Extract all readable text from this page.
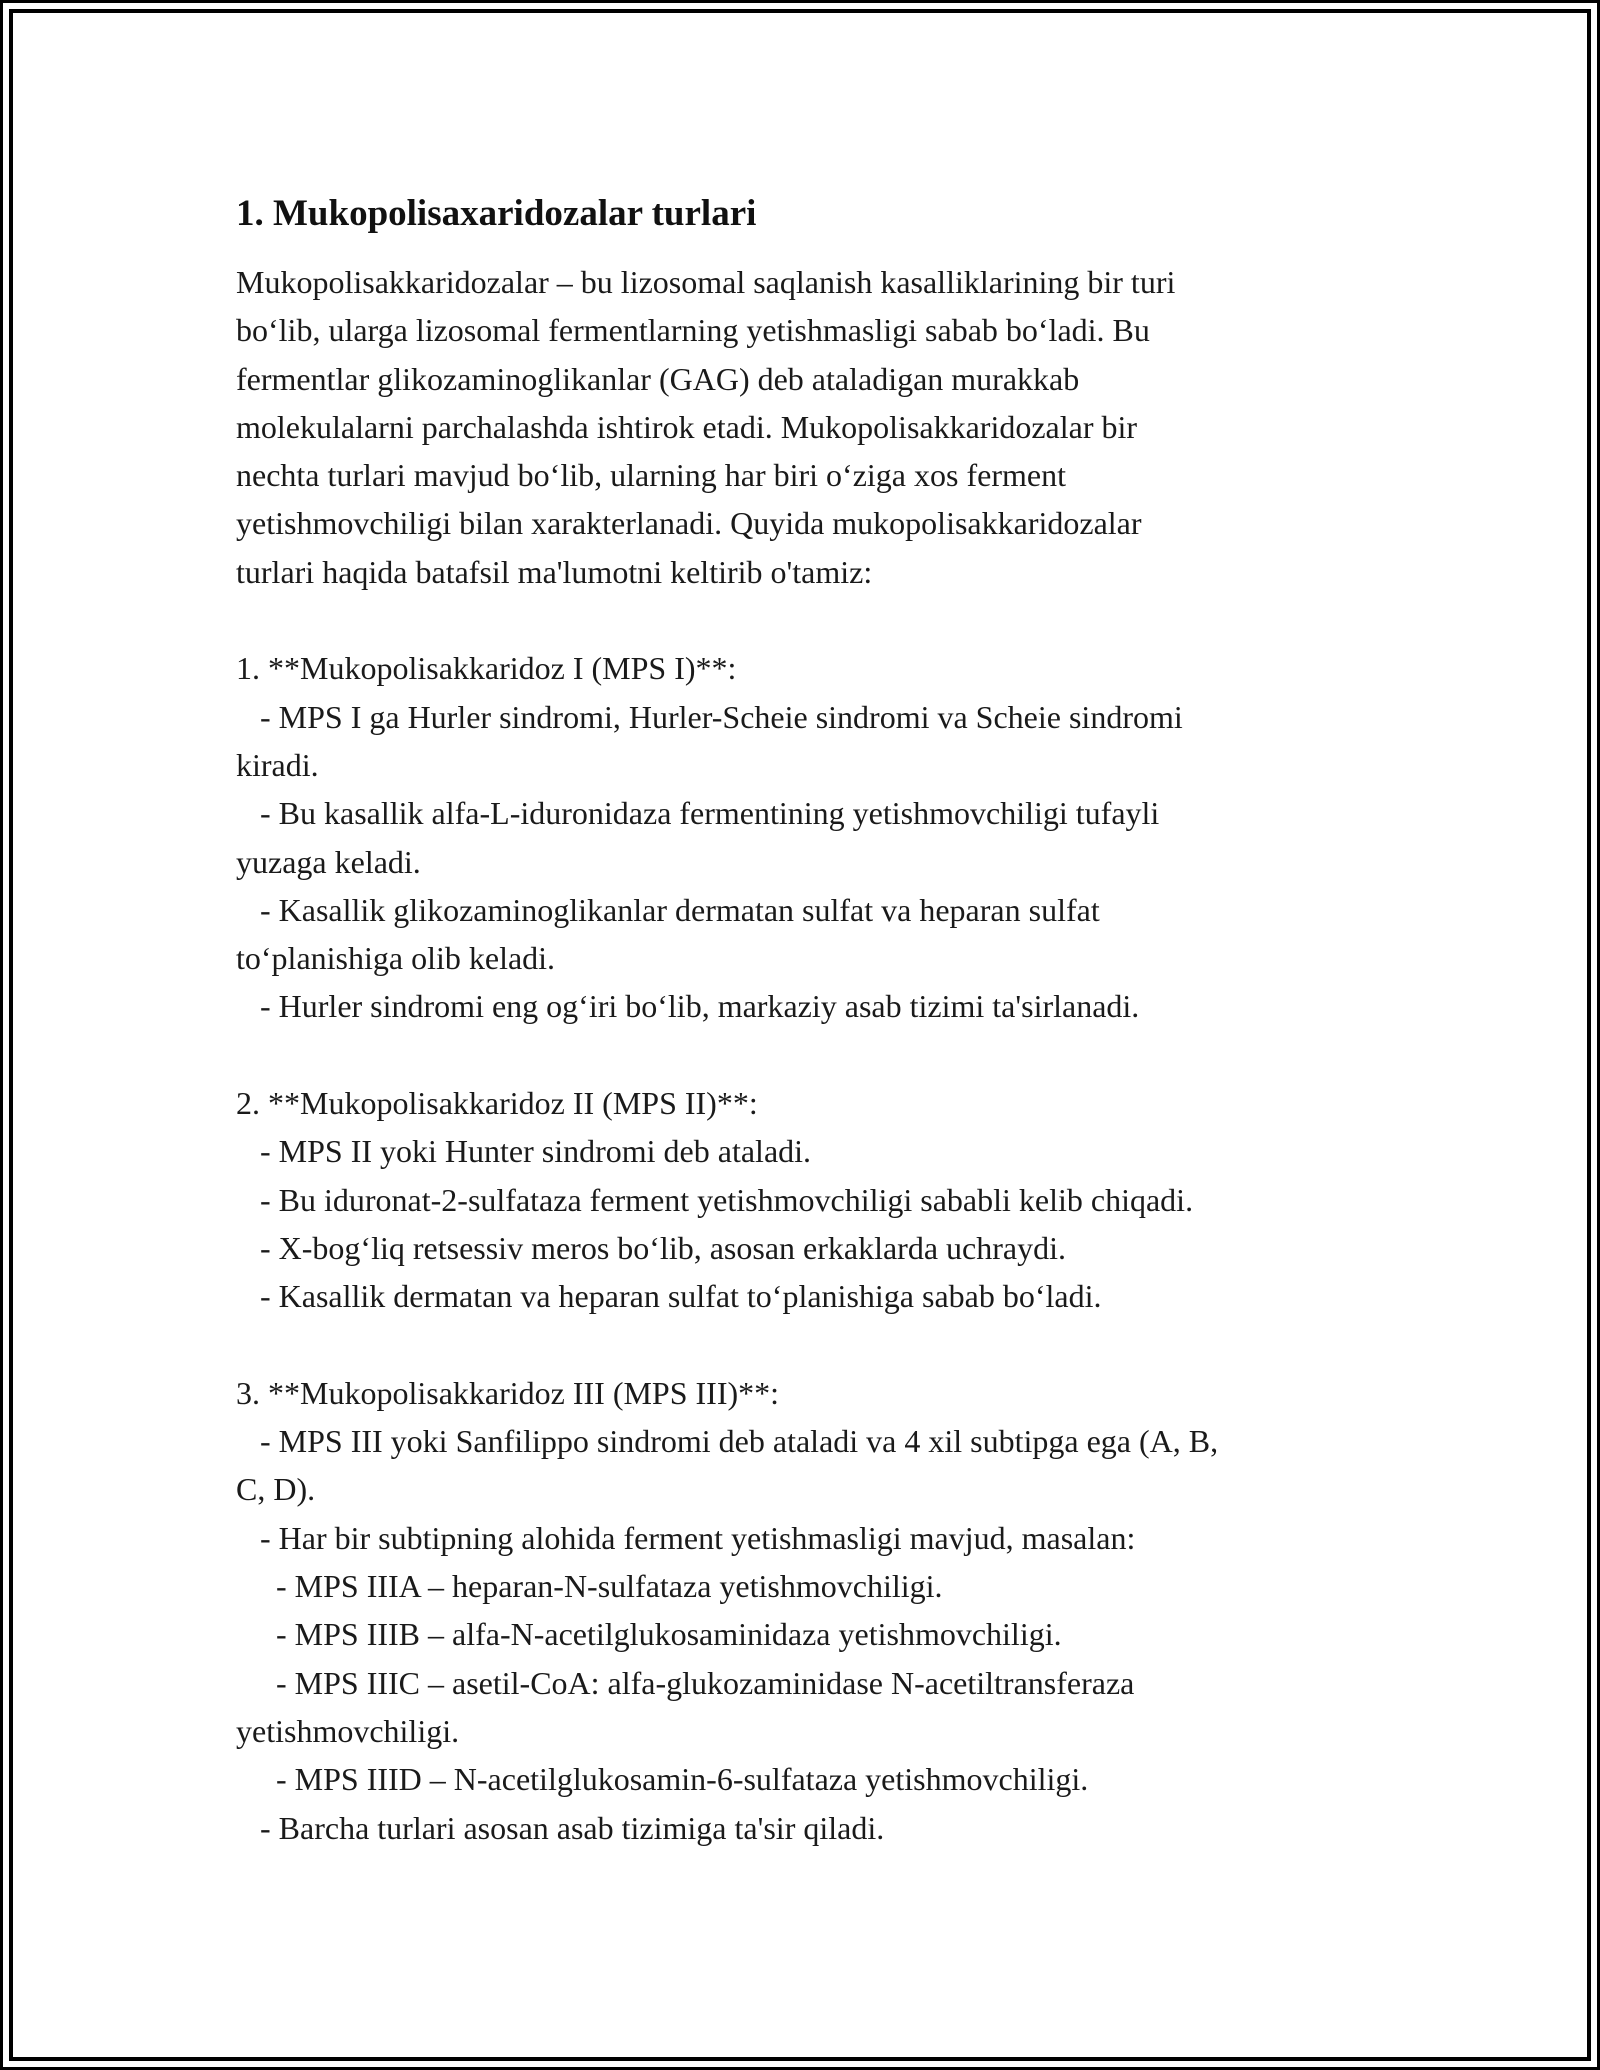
1. Mukopolisaxaridozalar turlari
Mukopolisakkaridozalar – bu lizosomal saqlanish kasalliklarining bir turi
bo‘lib, ularga lizosomal fermentlarning yetishmasligi sabab bo‘ladi. Bu
fermentlar glikozaminoglikanlar (GAG) deb ataladigan murakkab
molekulalarni parchalashda ishtirok etadi. Mukopolisakkaridozalar bir
nechta turlari mavjud bo‘lib, ularning har biri o‘ziga xos ferment
yetishmovchiligi bilan xarakterlanadi. Quyida mukopolisakkaridozalar
turlari haqida batafsil ma'lumotni keltirib o'tamiz:

1. **Mukopolisakkaridoz I (MPS I)**:
- MPS I ga Hurler sindromi, Hurler-Scheie sindromi va Scheie sindromi
kiradi.
- Bu kasallik alfa-L-iduronidaza fermentining yetishmovchiligi tufayli
yuzaga keladi.
- Kasallik glikozaminoglikanlar dermatan sulfat va heparan sulfat
to‘planishiga olib keladi.
- Hurler sindromi eng og‘iri bo‘lib, markaziy asab tizimi ta'sirlanadi.

2. **Mukopolisakkaridoz II (MPS II)**:
- MPS II yoki Hunter sindromi deb ataladi.
- Bu iduronat-2-sulfataza ferment yetishmovchiligi sababli kelib chiqadi.
- X-bog‘liq retsessiv meros bo‘lib, asosan erkaklarda uchraydi.
- Kasallik dermatan va heparan sulfat to‘planishiga sabab bo‘ladi.

3. **Mukopolisakkaridoz III (MPS III)**:
- MPS III yoki Sanfilippo sindromi deb ataladi va 4 xil subtipga ega (A, B,
C, D).
- Har bir subtipning alohida ferment yetishmasligi mavjud, masalan:
- MPS IIIA – heparan-N-sulfataza yetishmovchiligi.
- MPS IIIB – alfa-N-acetilglukosaminidaza yetishmovchiligi.
- MPS IIIC – asetil-CoA: alfa-glukozaminidase N-acetiltransferaza
yetishmovchiligi.
- MPS IIID – N-acetilglukosamin-6-sulfataza yetishmovchiligi.
- Barcha turlari asosan asab tizimiga ta'sir qiladi.
